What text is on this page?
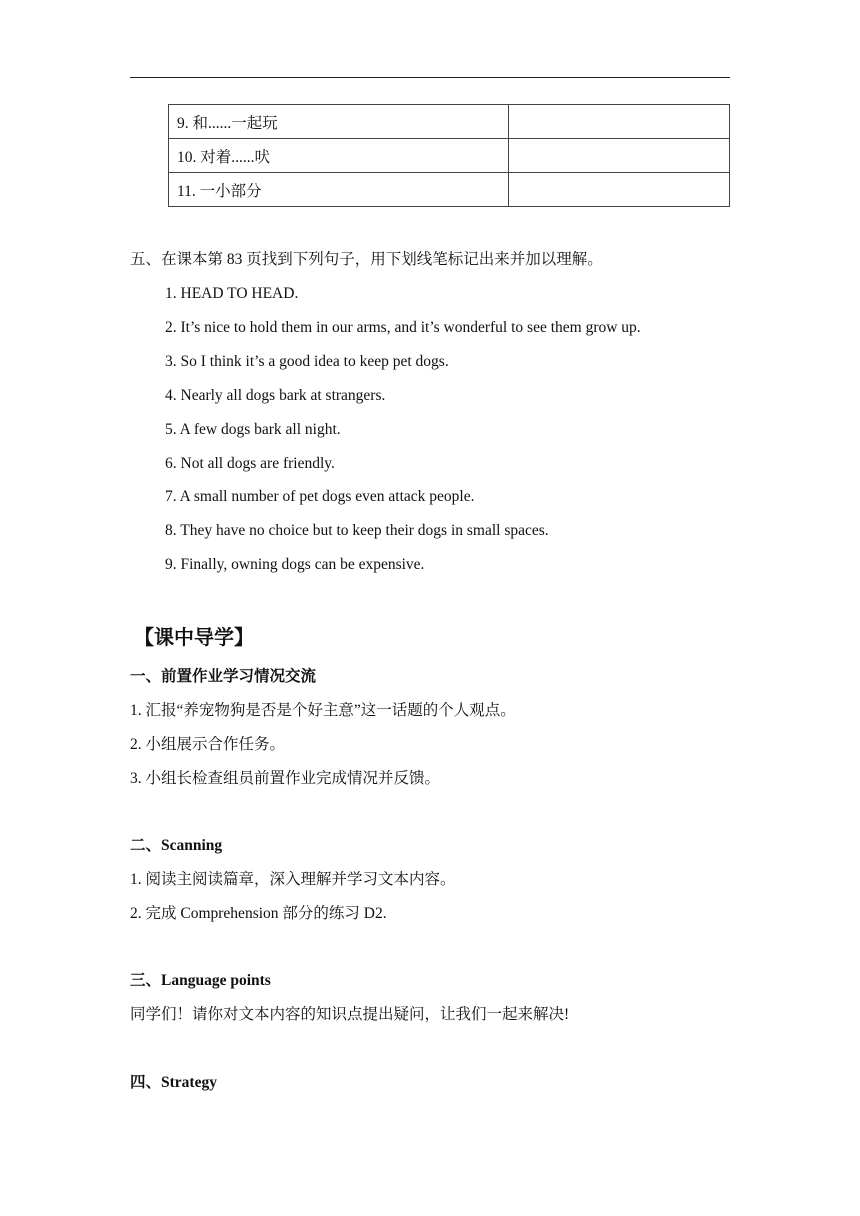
9. 和......一起玩	
10. 对着......吠	
11. 一小部分	
五、在课本第 83 页找到下列句子，用下划线笔标记出来并加以理解。
1. HEAD TO HEAD.
2. It’s nice to hold them in our arms, and it’s wonderful to see them grow up.
3. So I think it’s a good idea to keep pet dogs.
4. Nearly all dogs bark at strangers.
5. A few dogs bark all night.
6. Not all dogs are friendly.
7. A small number of pet dogs even attack people.
8. They have no choice but to keep their dogs in small spaces.
9. Finally, owning dogs can be expensive.
【课中导学】
一、前置作业学习情况交流
1. 汇报“养宠物狗是否是个好主意”这一话题的个人观点。
2. 小组展示合作任务。
3. 小组长检查组员前置作业完成情况并反馈。
二、Scanning
1. 阅读主阅读篇章，深入理解并学习文本内容。
2. 完成 Comprehension 部分的练习 D2.
三、Language points
同学们！请你对文本内容的知识点提出疑问，让我们一起来解决!
四、Strategy
